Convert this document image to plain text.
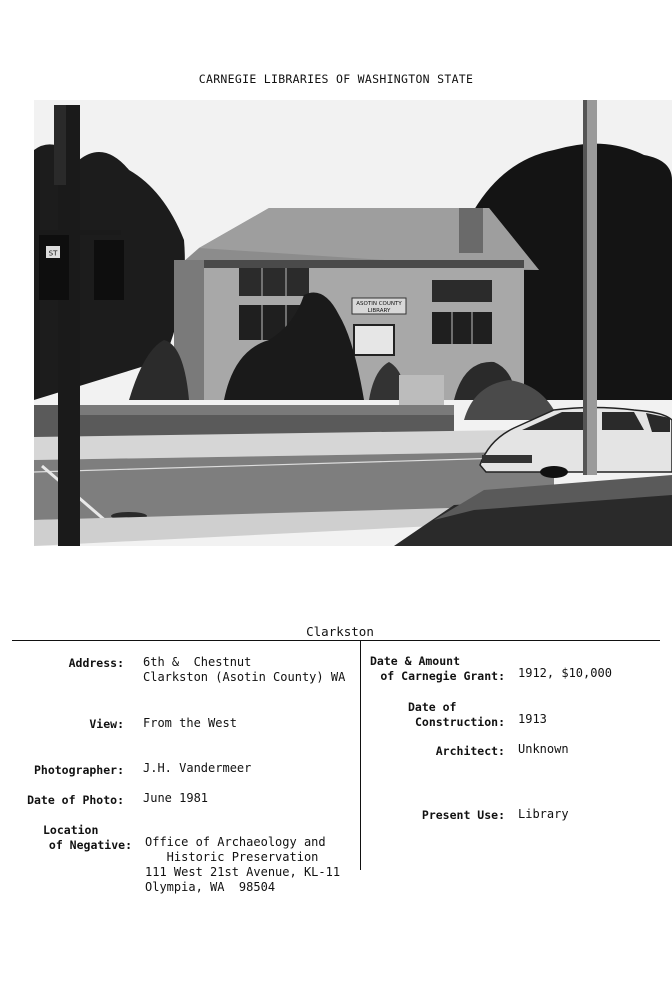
CARNEGIE LIBRARIES OF WASHINGTON STATE
ASOTIN COUNTY
LIBRARY
ST
Clarkston
Address: 6th &  Chestnut
Clarkston (Asotin County) WA
View: From the West
Photographer: J.H. Vandermeer
Date of Photo: June 1981
Location
of Negative: Office of Archaeology and
Historic Preservation
111 West 21st Avenue, KL-11
Olympia, WA  98504
Date & Amount
of Carnegie Grant: 1912, $10,000
Date of
Construction: 1913
Architect: Unknown
Present Use: Library
